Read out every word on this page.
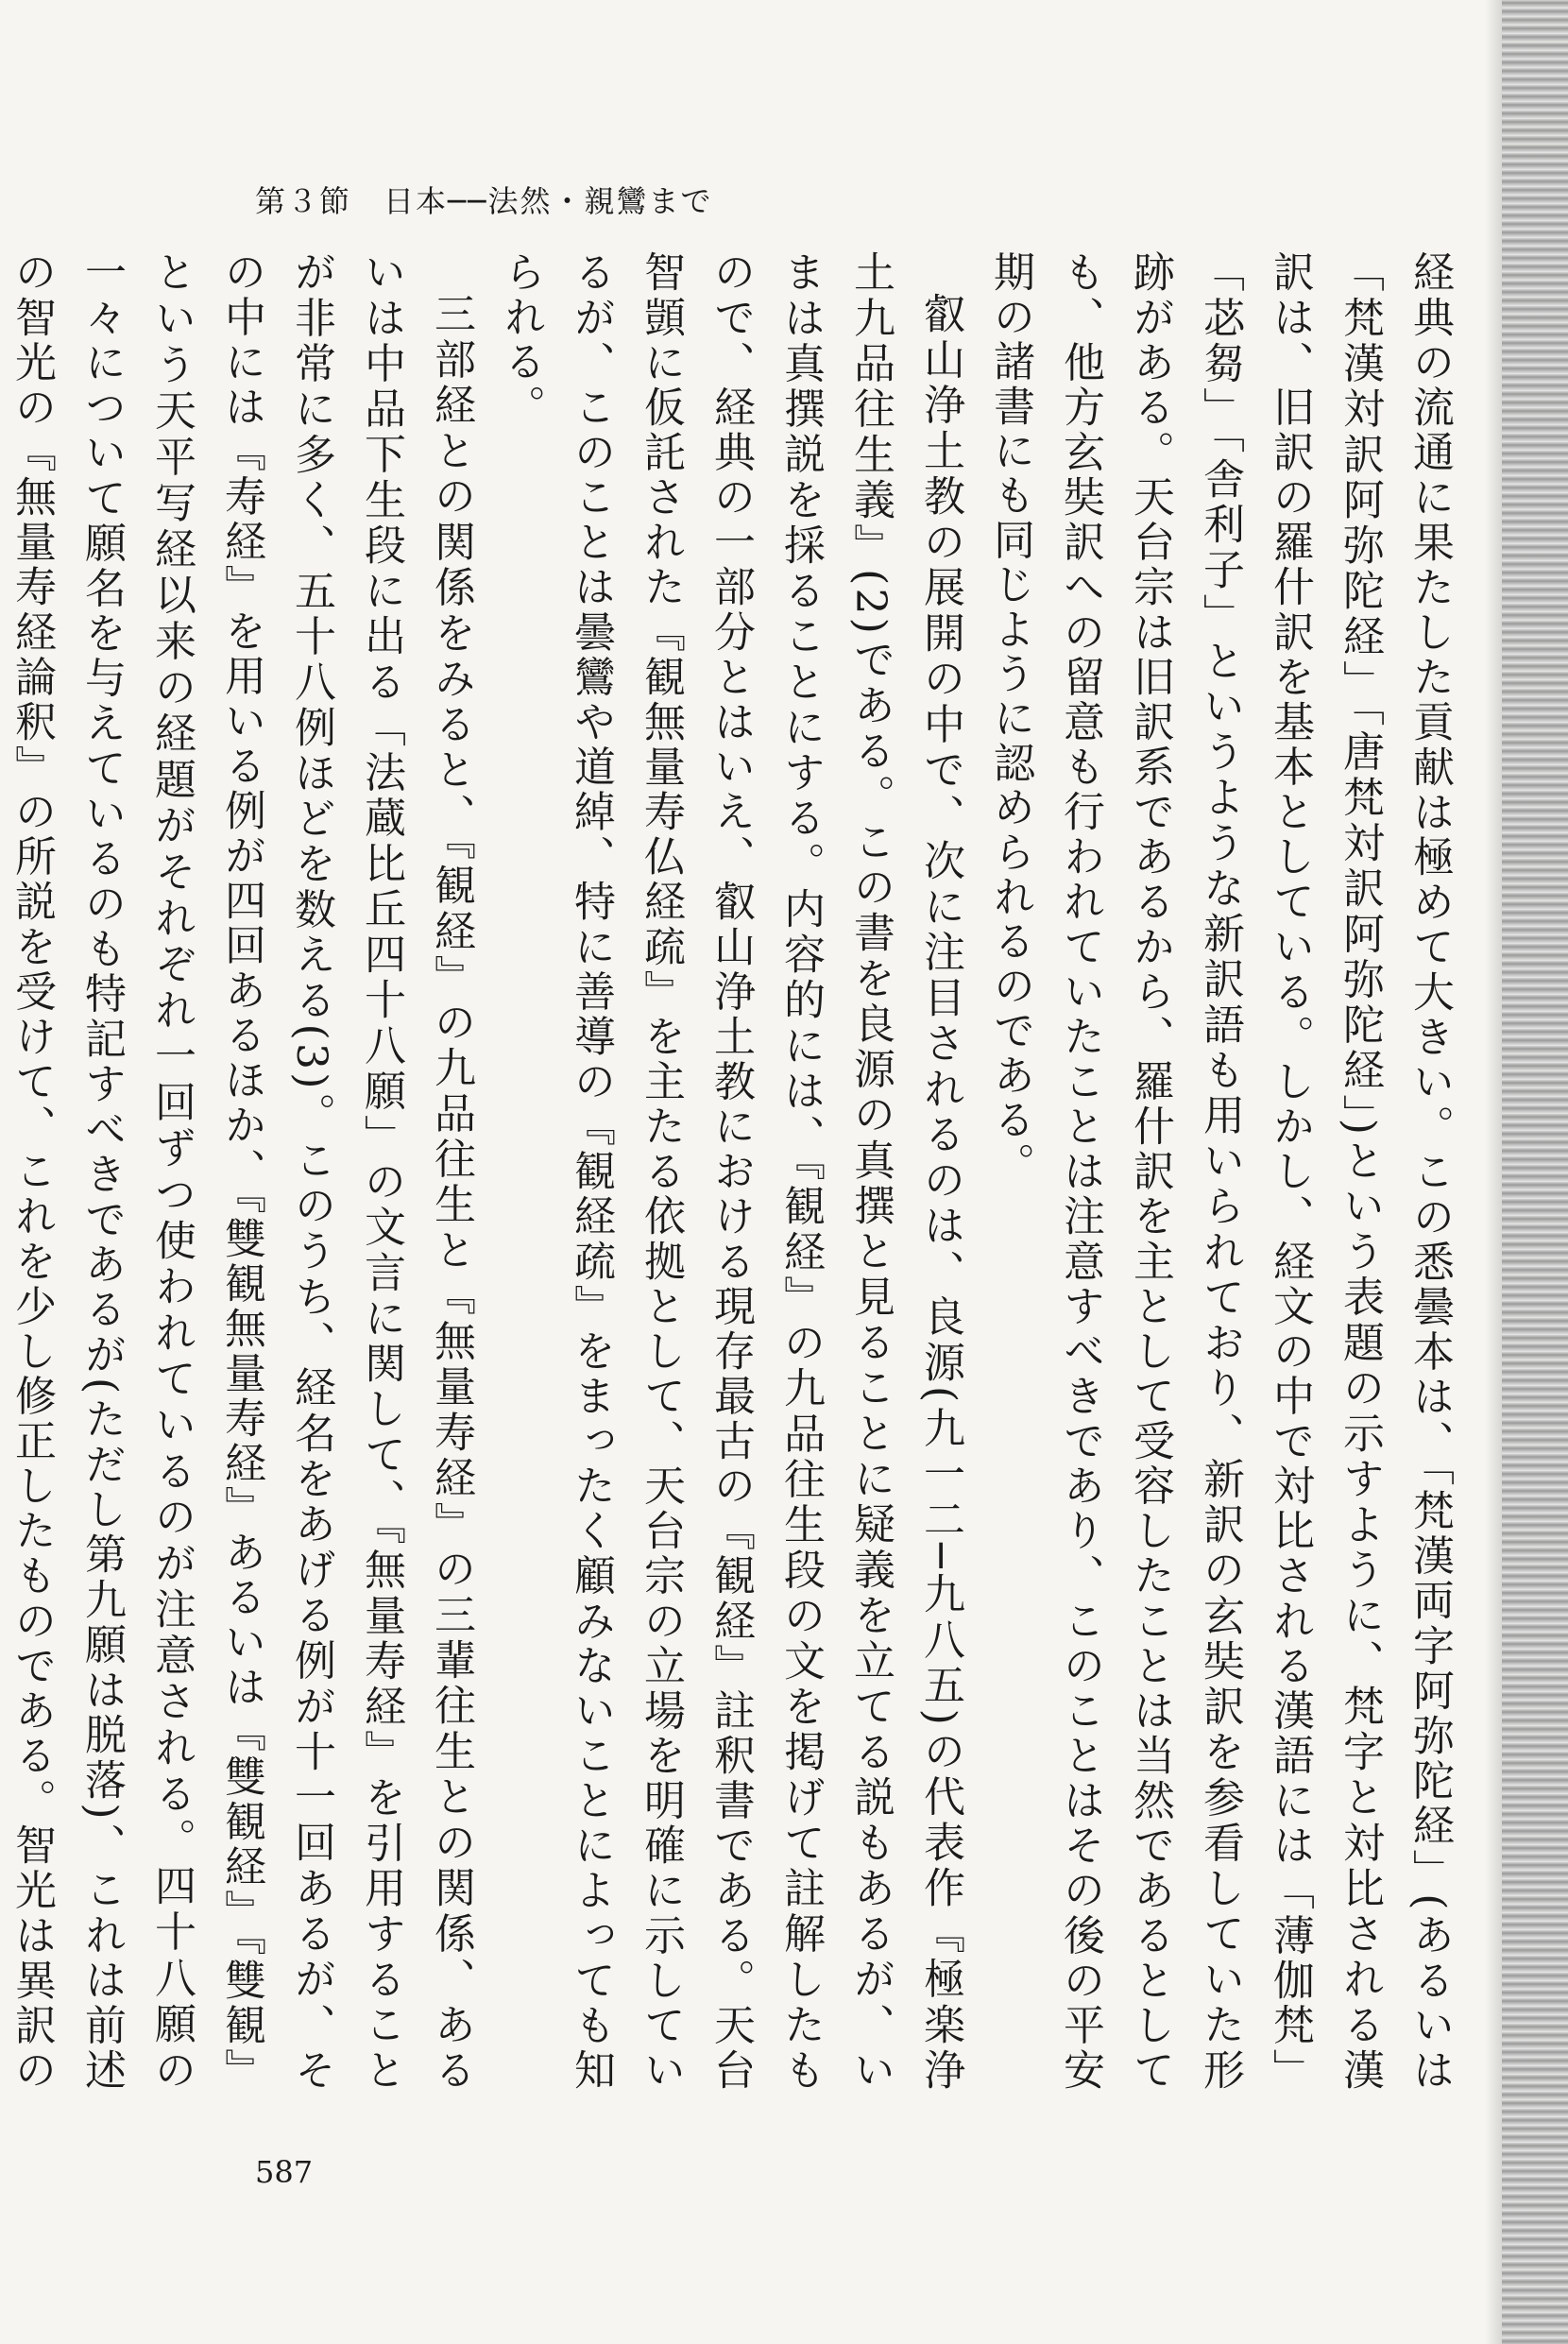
第３節　日本──法然・親鸞まで

経典の流通に果たした貢献は極めて大きい。この悉曇本は、「梵漢両字阿弥陀経」(あるいは「梵漢対訳阿弥陀経」「唐梵対訳阿弥陀経」)という表題の示すように、梵字と対比される漢訳は、旧訳の羅什訳を基本としている。しかし、経文の中で対比される漢語には「薄伽梵」「苾芻」「舎利子」というような新訳語も用いられており、新訳の玄奘訳を参看していた形跡がある。天台宗は旧訳系であるから、羅什訳を主として受容したことは当然であるとしても、他方玄奘訳への留意も行われていたことは注意すべきであり、このことはその後の平安期の諸書にも同じように認められるのである。

叡山浄土教の展開の中で、次に注目されるのは、良源(九一二─九八五)の代表作『極楽浄土九品往生義』(2)である。この書を良源の真撰と見ることに疑義を立てる説もあるが、いまは真撰説を採ることにする。内容的には、『観経』の九品往生段の文を掲げて註解したもので、経典の一部分とはいえ、叡山浄土教における現存最古の『観経』註釈書である。天台智顗に仮託された『観無量寿仏経疏』を主たる依拠として、天台宗の立場を明確に示しているが、このことは曇鸞や道綽、特に善導の『観経疏』をまったく顧みないことによっても知られる。

三部経との関係をみると、『観経』の九品往生と『無量寿経』の三輩往生との関係、あるいは中品下生段に出る「法蔵比丘四十八願」の文言に関して、『無量寿経』を引用することが非常に多く、五十八例ほどを数える(3)。このうち、経名をあげる例が十一回あるが、その中には『寿経』を用いる例が四回あるほか、『雙観無量寿経』あるいは『雙観経』『雙観』という天平写経以来の経題がそれぞれ一回ずつ使われているのが注意される。四十八願の一々について願名を与えているのも特記すべきであるが(ただし第九願は脱落)、これは前述の智光の『無量寿経論釈』の所説を受けて、これを少し修正したものである。智光は異訳の

587
